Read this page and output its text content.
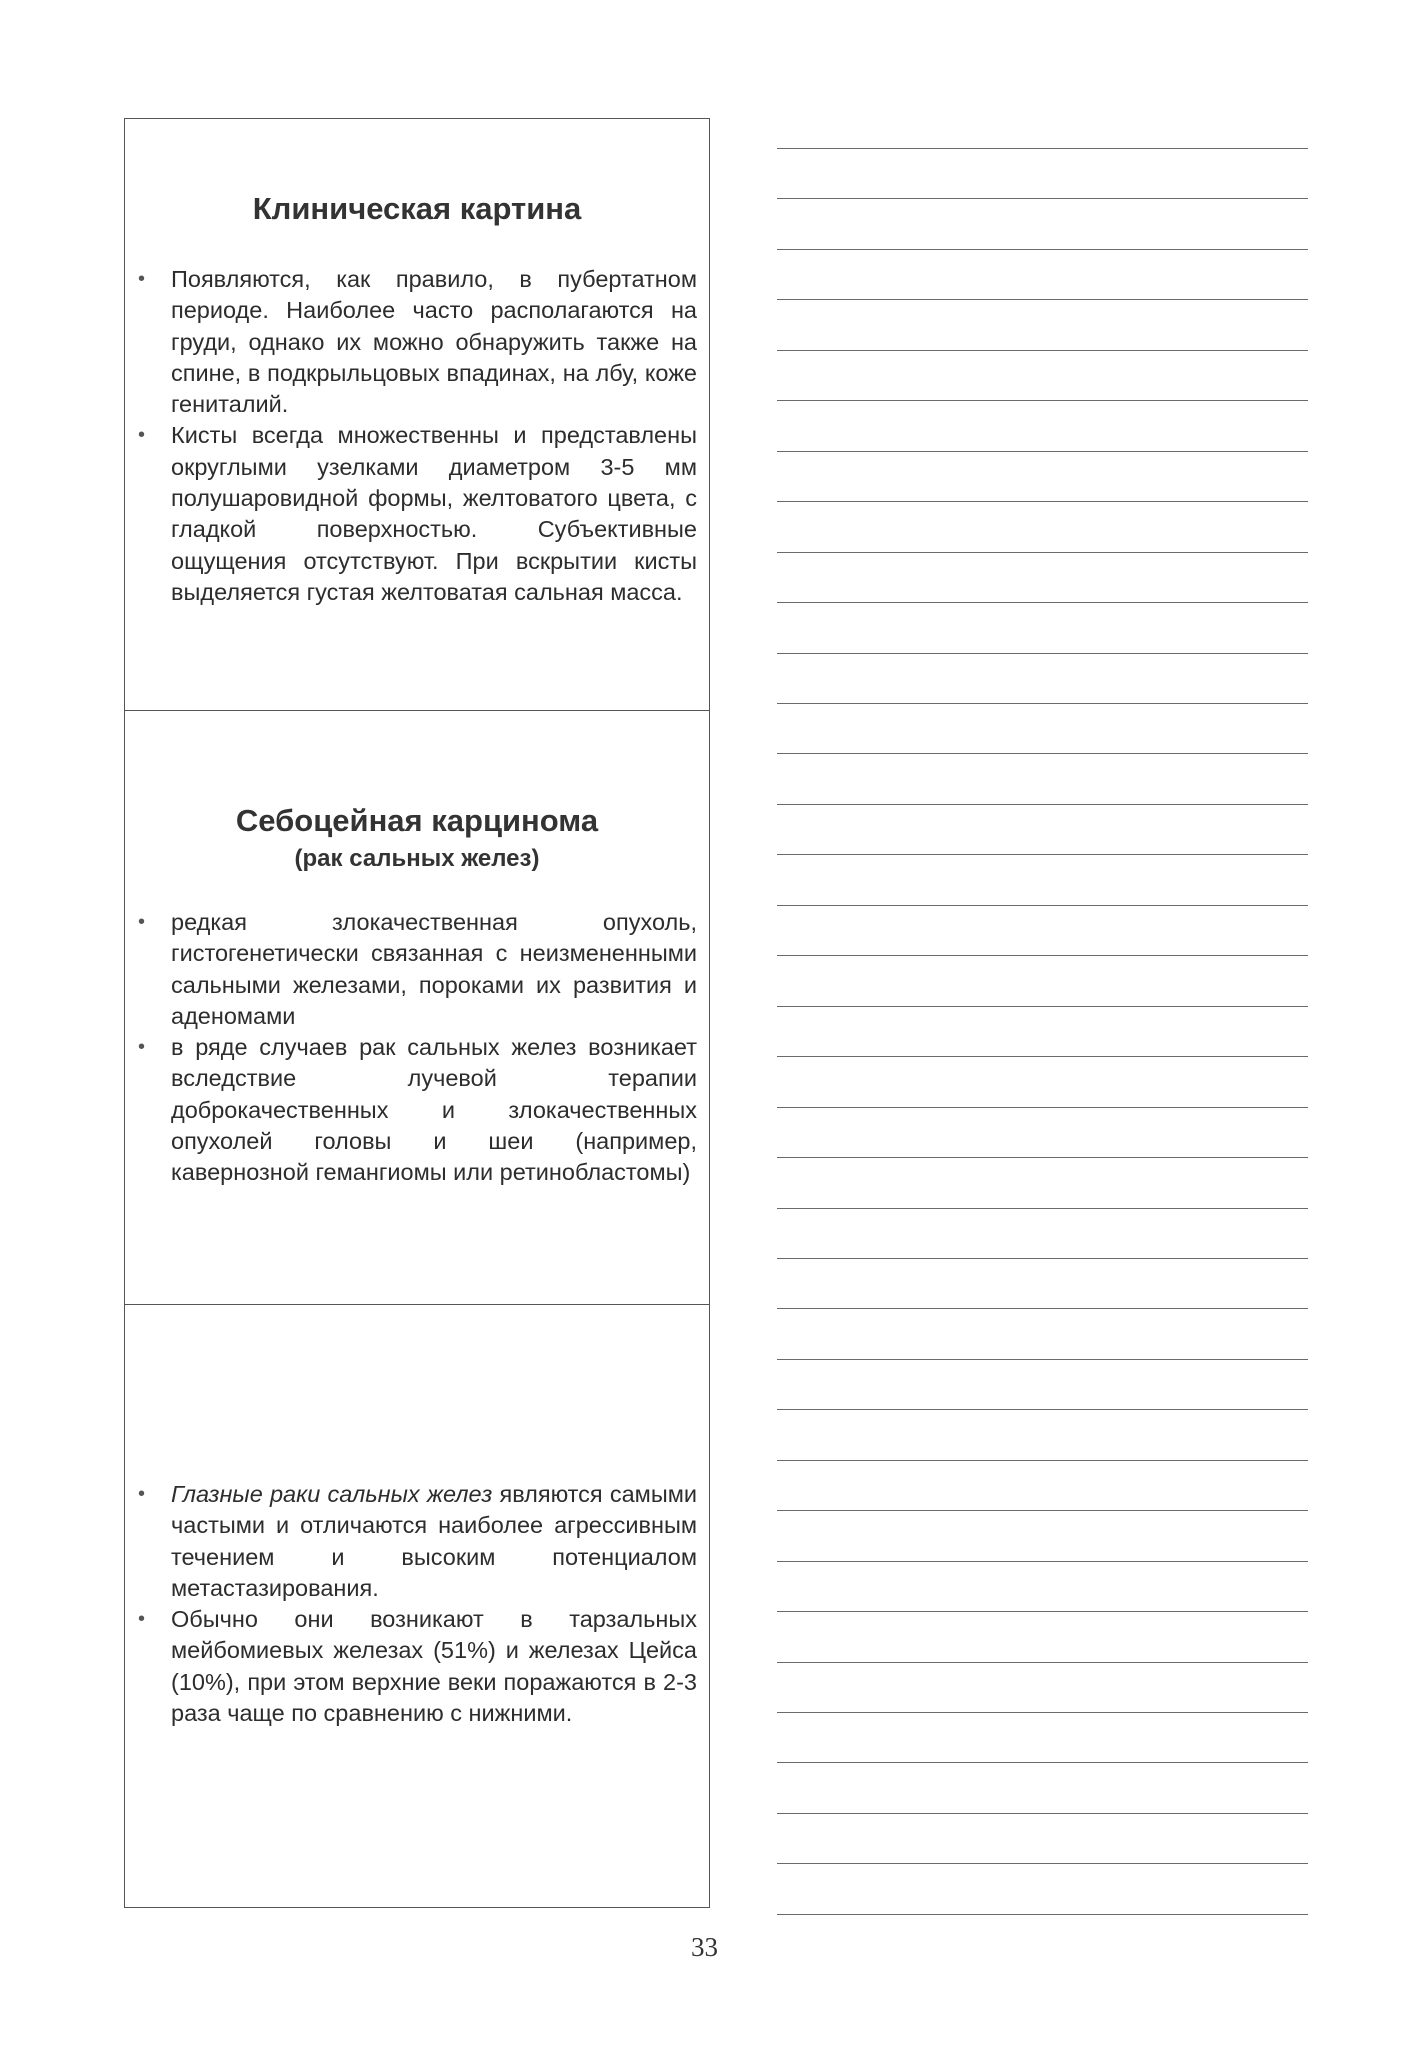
Клиническая картина
• Появляются, как правило, в пубертатном периоде. Наиболее часто располагаются на груди, однако их можно обнаружить также на спине, в подкрыльцовых впадинах, на лбу, коже гениталий.
• Кисты всегда множественны и представлены округлыми узелками диаметром 3-5 мм полушаровидной формы, желтоватого цвета, с гладкой поверхностью. Субъективные ощущения отсутствуют. При вскрытии кисты выделяется густая желтоватая сальная масса.
Себоцейная карцинома
(рак сальных желез)
• редкая злокачественная опухоль, гистогенетически связанная с неизмененными сальными железами, пороками их развития и аденомами
• в ряде случаев рак сальных желез возникает вследствие лучевой терапии доброкачественных и злокачественных опухолей головы и шеи (например, кавернозной гемангиомы или ретинобластомы)
• Глазные раки сальных желез являются самыми частыми и отличаются наиболее агрессивным течением и высоким потенциалом метастазирования.
• Обычно они возникают в тарзальных мейбомиевых железах (51%) и железах Цейса (10%), при этом верхние веки поражаются в 2-3 раза чаще по сравнению с нижними.
33
